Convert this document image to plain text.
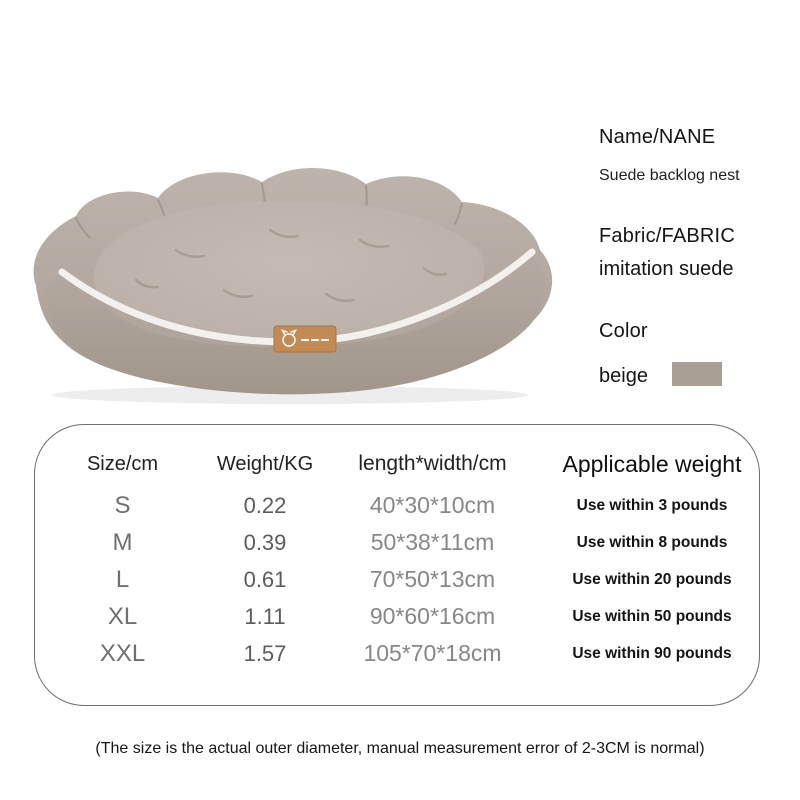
Name/NANE
Suede backlog nest
Fabric/FABRIC
imitation suede
Color
beige
Size/cm	Weight/KG	length*width/cm	Applicable weight
S	0.22	40*30*10cm	Use within 3 pounds
M	0.39	50*38*11cm	Use within 8 pounds
L	0.61	70*50*13cm	Use within 20 pounds
XL	1.11	90*60*16cm	Use within 50 pounds
XXL	1.57	105*70*18cm	Use within 90 pounds
(The size is the actual outer diameter, manual measurement error of 2-3CM is normal)
